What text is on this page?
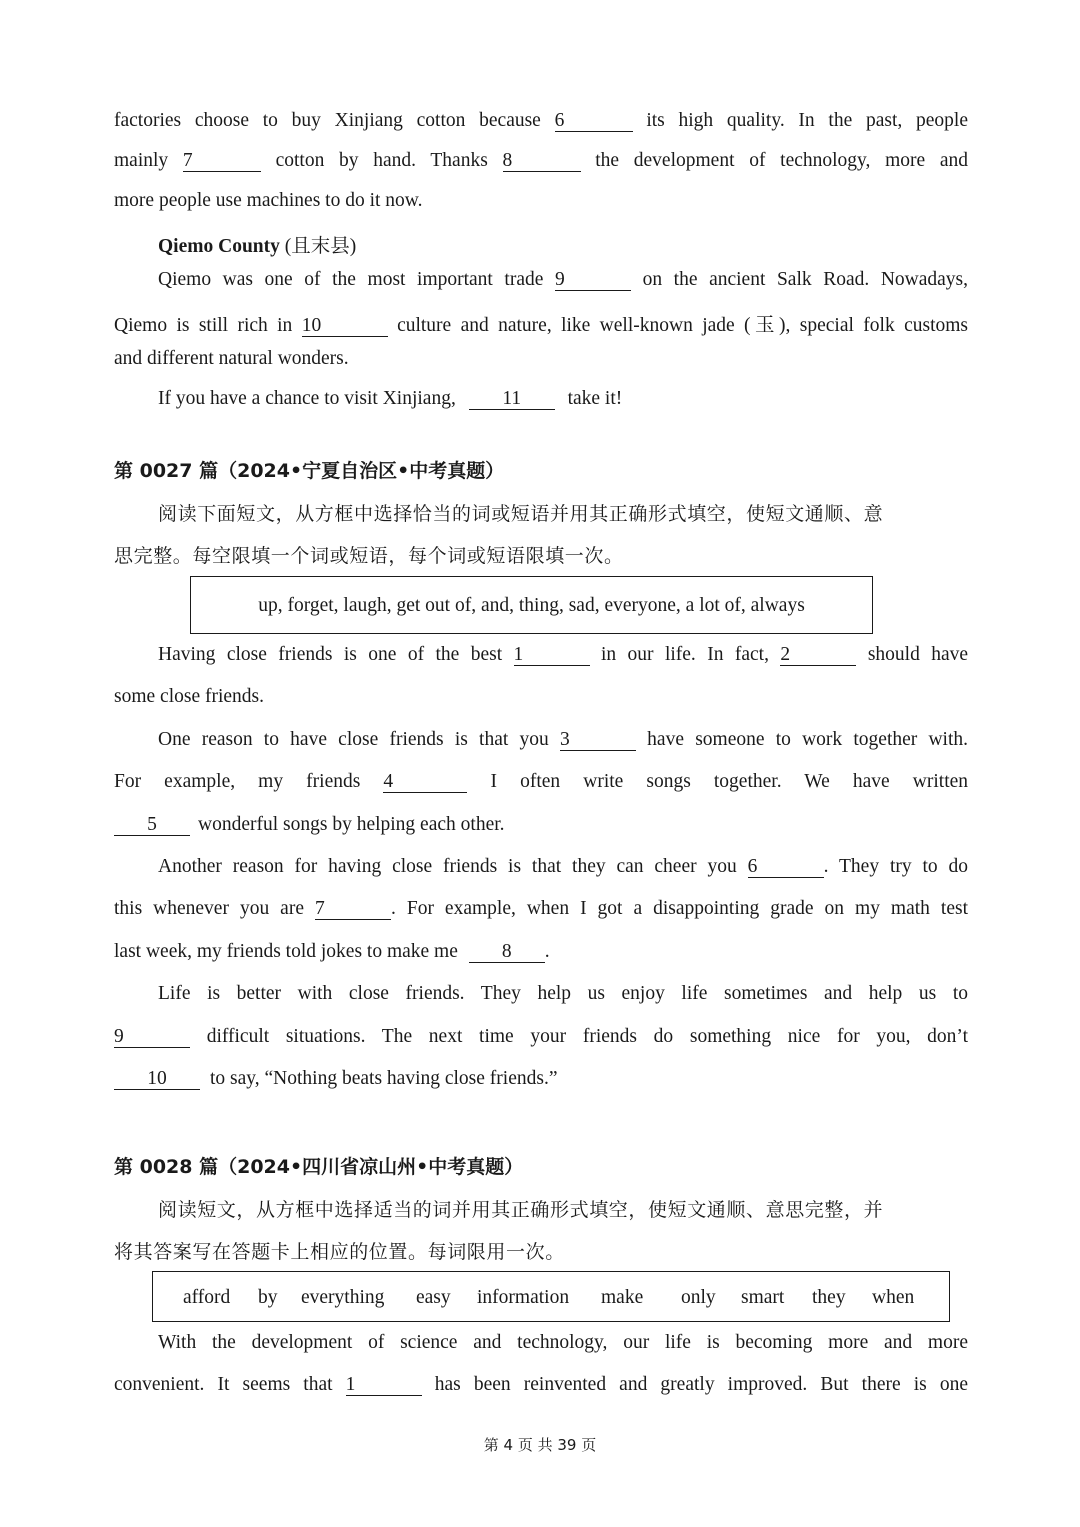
factories choose to buy Xinjiang cotton because 6	its high quality. In the past, people
mainly 7	cotton by hand. Thanks 8	the development of technology, more and
more people use machines to do it now.
Qiemo County (且末县)
Qiemo was one of the most important trade 9	on the ancient Salk Road. Nowadays,
Qiemo is still rich in 10	culture and nature, like well-known jade (玉), special folk customs
and different natural wonders.
If you have a chance to visit Xinjiang, 11 take it!
第 0027 篇（2024•宁夏自治区•中考真题）
阅读下面短文，从方框中选择恰当的词或短语并用其正确形式填空，使短文通顺、意
思完整。每空限填一个词或短语，每个词或短语限填一次。
up, forget, laugh, get out of, and, thing, sad, everyone, a lot of, always
Having close friends is one of the best 1	in our life. In fact, 2	should have
some close friends.
One reason to have close friends is that you 3	have someone to work together with.
For example, my friends 4	I often write songs together. We have written
5 wonderful songs by helping each other.
Another reason for having close friends is that they can cheer you 6	. They try to do
this whenever you are 7	. For example, when I got a disappointing grade on my math test
last week, my friends told jokes to make me 8 .
Life is better with close friends. They help us enjoy life sometimes and help us to
9	difficult situations. The next time your friends do something nice for you, don’t
10 to say, “Nothing beats having close friends.”
第 0028 篇（2024•四川省凉山州•中考真题）
阅读短文，从方框中选择适当的词并用其正确形式填空，使短文通顺、意思完整，并
将其答案写在答题卡上相应的位置。每词限用一次。
afford by everything easy information make only smart they when
With the development of science and technology, our life is becoming more and more
convenient. It seems that 1	has been reinvented and greatly improved. But there is one
第 4 页 共 39 页
